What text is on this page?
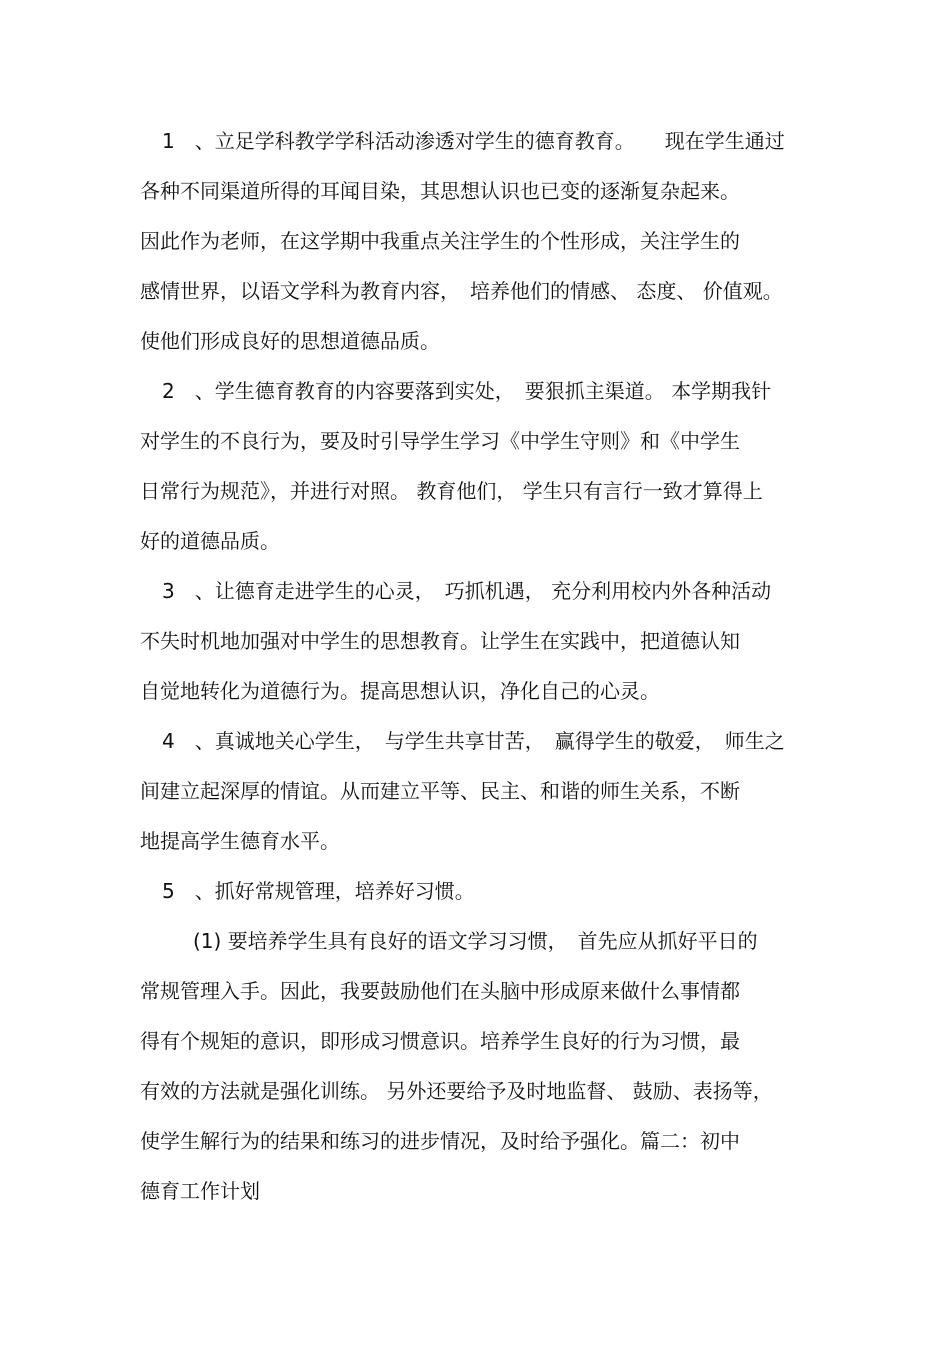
1　、立足学科教学学科活动渗透对学生的德育教育。　　现在学生通过
各种不同渠道所得的耳闻目染，其思想认识也已变的逐渐复杂起来。
因此作为老师，在这学期中我重点关注学生的个性形成，关注学生的
感情世界，以语文学科为教育内容，　培养他们的情感、 态度、 价值观。
使他们形成良好的思想道德品质。
2　、学生德育教育的内容要落到实处，　要狠抓主渠道。 本学期我针
对学生的不良行为，要及时引导学生学习《中学生守则》和《中学生
日常行为规范》，并进行对照。 教育他们， 学生只有言行一致才算得上
好的道德品质。
3　、让德育走进学生的心灵，　巧抓机遇， 充分利用校内外各种活动
不失时机地加强对中学生的思想教育。让学生在实践中，把道德认知
自觉地转化为道德行为。提高思想认识，净化自己的心灵。
4　、真诚地关心学生，　与学生共享甘苦，　赢得学生的敬爱，　师生之
间建立起深厚的情谊。从而建立平等、民主、和谐的师生关系，不断
地提高学生德育水平。
5　、抓好常规管理，培养好习惯。
(1) 要培养学生具有良好的语文学习习惯，　首先应从抓好平日的
常规管理入手。因此，我要鼓励他们在头脑中形成原来做什么事情都
得有个规矩的意识，即形成习惯意识。培养学生良好的行为习惯，最
有效的方法就是强化训练。 另外还要给予及时地监督、 鼓励、表扬等，
使学生解行为的结果和练习的进步情况，及时给予强化。篇二：初中
德育工作计划
